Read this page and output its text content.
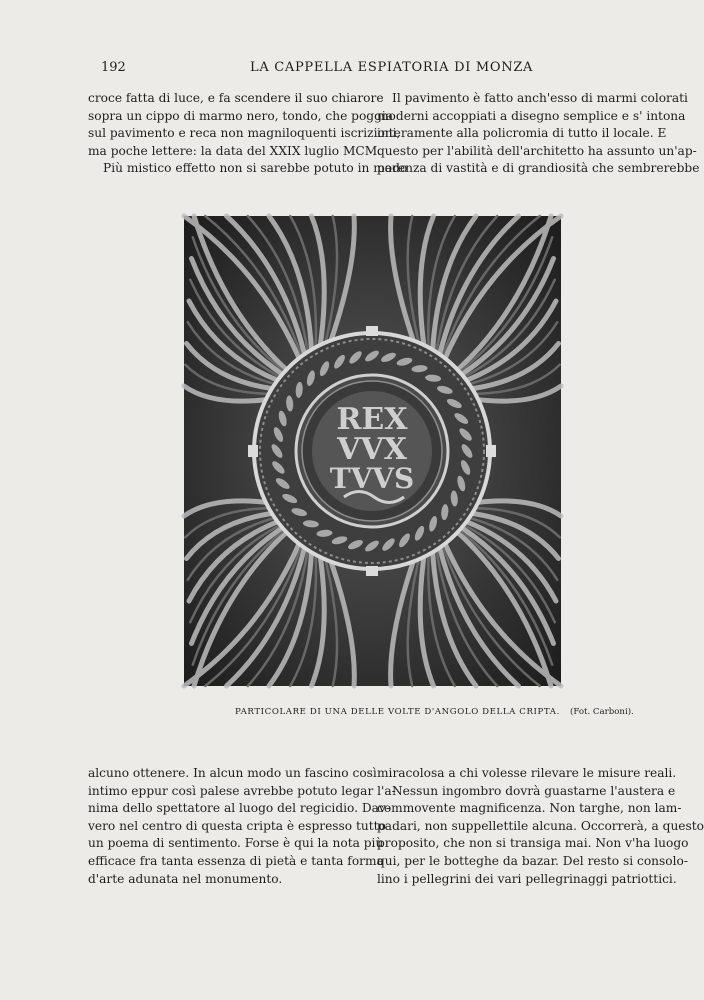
192	LA CAPPELLA ESPIATORIA DI MONZA
croce fatta di luce, e fa scendere il suo chiarore
sopra un cippo di marmo nero, tondo, che poggia
sul pavimento e reca non magniloquenti iscrizioni,
ma poche lettere: la data del XXIX luglio MCM.
Più mistico effetto non si sarebbe potuto in modo
Il pavimento è fatto anch'esso di marmi colorati
moderni accoppiati a disegno semplice e s' intona
interamente alla policromia di tutto il locale. E
questo per l'abilità dell'architetto ha assunto un'ap-
parenza di vastità e di grandiosità che sembrerebbe
REX
VVX
TVVS
PARTICOLARE DI UNA DELLE VOLTE D'ANGOLO DELLA CRIPTA. (Fot. Carboni).
alcuno ottenere. In alcun modo un fascino così
intimo eppur così palese avrebbe potuto legar l'a-
nima dello spettatore al luogo del regicidio. Dav-
vero nel centro di questa cripta è espresso tutto
un poema di sentimento. Forse è qui la nota più
efficace fra tanta essenza di pietà e tanta forma
d'arte adunata nel monumento.
miracolosa a chi volesse rilevare le misure reali.
Nessun ingombro dovrà guastarne l'austera e
commovente magnificenza. Non targhe, non lam-
padari, non suppellettile alcuna. Occorrerà, a questo
proposito, che non si transiga mai. Non v'ha luogo
qui, per le botteghe da bazar. Del resto si consolo-
lino i pellegrini dei vari pellegrinaggi patriottici.
